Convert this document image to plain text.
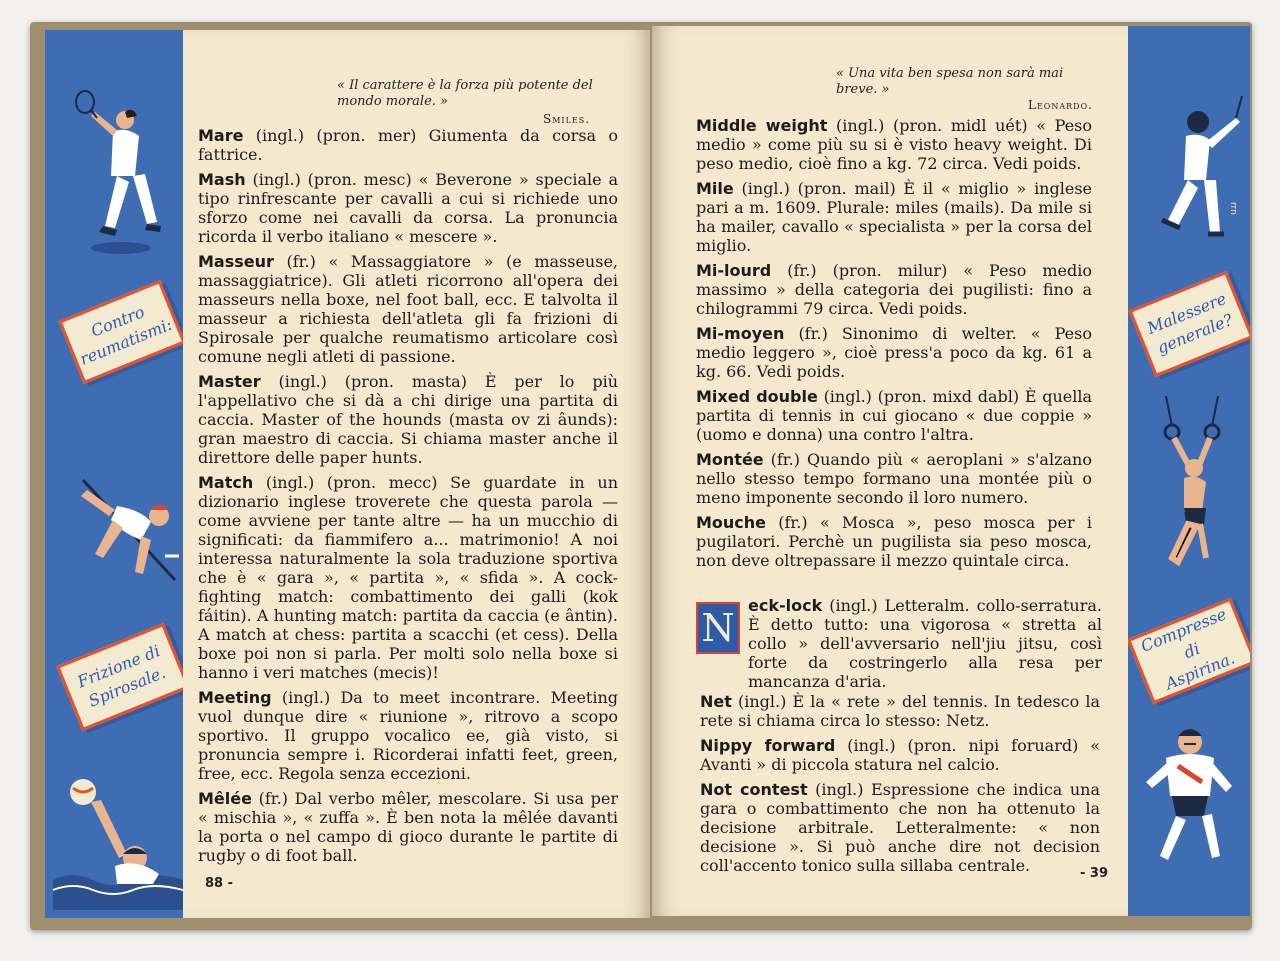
Contro
reumatismi:
Frizione di
Spirosale.
« Il carattere è la forza più potente del mondo morale. »
Smiles.

Mare (ingl.) (pron. mer) Giumenta da corsa o fattrice.

Mash (ingl.) (pron. mesc) « Beverone » speciale a tipo rinfrescante per cavalli a cui si richiede uno sforzo come nei cavalli da corsa. La pronuncia ricorda il verbo italiano « mescere ».

Masseur (fr.) « Massaggiatore » (e masseuse, massaggiatrice). Gli atleti ricorrono all'opera dei masseurs nella boxe, nel foot ball, ecc. E talvolta il masseur a richiesta dell'atleta gli fa frizioni di Spirosale per qualche reumatismo articolare così comune negli atleti di passione.

Master (ingl.) (pron. masta) È per lo più l'appellativo che si dà a chi dirige una partita di caccia. Master of the hounds (masta ov zi âunds): gran maestro di caccia. Si chiama master anche il direttore delle paper hunts.

Match (ingl.) (pron. mecc) Se guardate in un dizionario inglese troverete che questa parola — come avviene per tante altre — ha un mucchio di significati: da fiammifero a... matrimonio! A noi interessa naturalmente la sola traduzione sportiva che è « gara », « partita », « sfida ». A cock-fighting match: combattimento dei galli (kok fáitin). A hunting match: partita da caccia (e ântin). A match at chess: partita a scacchi (et cess). Della boxe poi non si parla. Per molti solo nella boxe si hanno i veri matches (mecis)!

Meeting (ingl.) Da to meet incontrare. Meeting vuol dunque dire « riunione », ritrovo a scopo sportivo. Il gruppo vocalico ee, già visto, si pronuncia sempre i. Ricorderai infatti feet, green, free, ecc. Regola senza eccezioni.

Mêlée (fr.) Dal verbo mêler, mescolare. Si usa per « mischia », « zuffa ». È ben nota la mêlée davanti la porta o nel campo di gioco durante le partite di rugby o di foot ball.

88 -
Malessere
generale?
Compresse di
Aspirina.
rrn
« Una vita ben spesa non sarà mai breve. »
Leonardo.

Middle weight (ingl.) (pron. midl uét) « Peso medio » come più su si è visto heavy weight. Di peso medio, cioè fino a kg. 72 circa. Vedi poids.

Mile (ingl.) (pron. mail) È il « miglio » inglese pari a m. 1609. Plurale: miles (mails). Da mile si ha mailer, cavallo « specialista » per la corsa del miglio.

Mi-lourd (fr.) (pron. milur) « Peso medio massimo » della categoria dei pugilisti: fino a chilogrammi 79 circa. Vedi poids.

Mi-moyen (fr.) Sinonimo di welter. « Peso medio leggero », cioè press'a poco da kg. 61 a kg. 66. Vedi poids.

Mixed double (ingl.) (pron. mixd dabl) È quella partita di tennis in cui giocano « due coppie » (uomo e donna) una contro l'altra.

Montée (fr.) Quando più « aeroplani » s'alzano nello stesso tempo formano una montée più o meno imponente secondo il loro numero.

Mouche (fr.) « Mosca », peso mosca per i pugilatori. Perchè un pugilista sia peso mosca, non deve oltrepassare il mezzo quintale circa.

N

eck-lock (ingl.) Letteralm. collo-serratura. È detto tutto: una vigorosa « stretta al collo » dell'avversario nell'jiu jitsu, così forte da costringerlo alla resa per mancanza d'aria.

Net (ingl.) È la « rete » del tennis. In tedesco la rete si chiama circa lo stesso: Netz.

Nippy forward (ingl.) (pron. nipi foruard) « Avanti » di piccola statura nel calcio.

Not contest (ingl.) Espressione che indica una gara o combattimento che non ha ottenuto la decisione arbitrale. Letteralmente: « non decisione ». Si può anche dire not decision coll'accento tonico sulla sillaba centrale.	- 39
